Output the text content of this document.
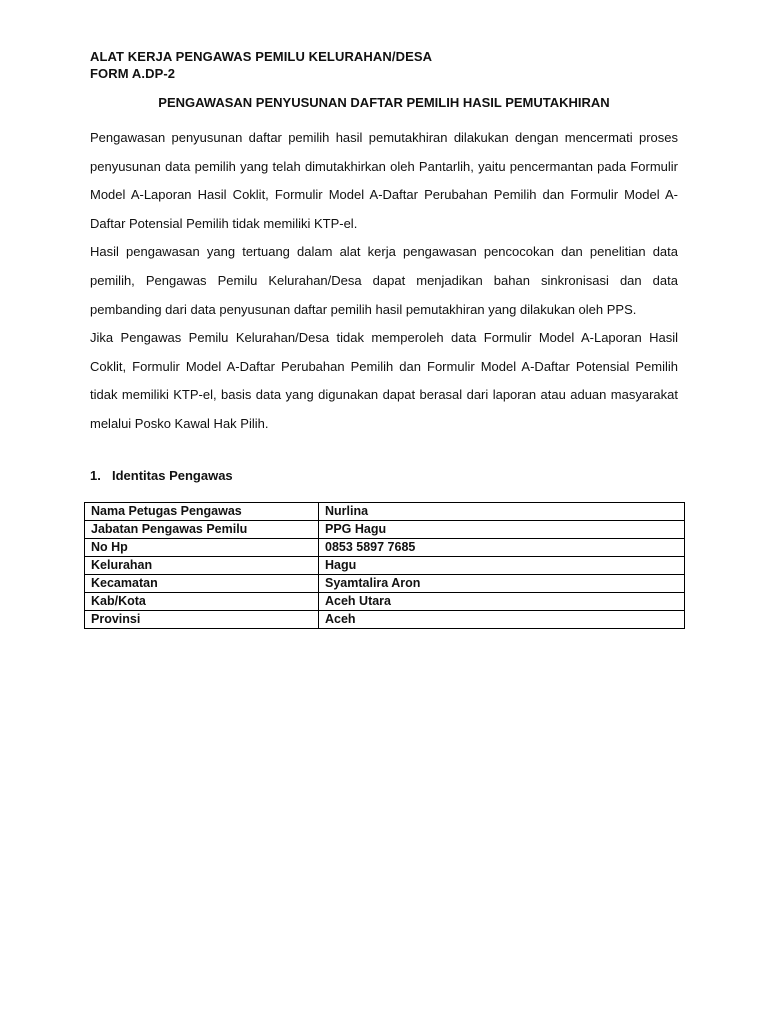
ALAT KERJA PENGAWAS PEMILU KELURAHAN/DESA
FORM A.DP-2
PENGAWASAN PENYUSUNAN DAFTAR PEMILIH HASIL PEMUTAKHIRAN

Pengawasan penyusunan daftar pemilih hasil pemutakhiran dilakukan dengan mencermati proses penyusunan data pemilih yang telah dimutakhirkan oleh Pantarlih, yaitu pencermantan pada Formulir Model A-Laporan Hasil Coklit, Formulir Model A-Daftar Perubahan Pemilih dan Formulir Model A-Daftar Potensial Pemilih tidak memiliki KTP-el.

Hasil pengawasan yang tertuang dalam alat kerja pengawasan pencocokan dan penelitian data pemilih, Pengawas Pemilu Kelurahan/Desa dapat menjadikan bahan sinkronisasi dan data pembanding dari data penyusunan daftar pemilih hasil pemutakhiran yang dilakukan oleh PPS.

Jika Pengawas Pemilu Kelurahan/Desa tidak memperoleh data Formulir Model A-Laporan Hasil Coklit, Formulir Model A-Daftar Perubahan Pemilih dan Formulir Model A-Daftar Potensial Pemilih tidak memiliki KTP-el, basis data yang digunakan dapat berasal dari laporan atau aduan masyarakat melalui Posko Kawal Hak Pilih.

1. Identitas Pengawas
Nama Petugas Pengawas	Nurlina
Jabatan Pengawas Pemilu	PPG Hagu
No Hp	0853 5897 7685
Kelurahan	Hagu
Kecamatan	Syamtalira Aron
Kab/Kota	Aceh Utara
Provinsi	Aceh
